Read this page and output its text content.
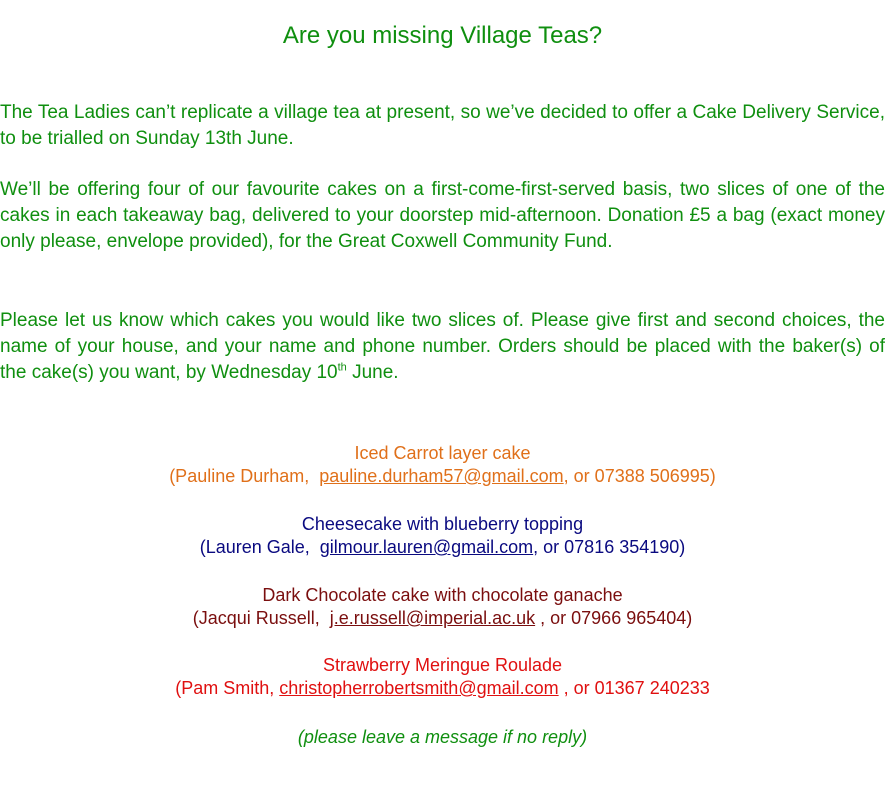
Are you missing Village Teas?
The Tea Ladies can’t replicate a village tea at present, so we’ve decided to offer a Cake Delivery Service, to be trialled on Sunday 13th June.
We’ll be offering four of our favourite cakes on a first-come-first-served basis, two slices of one of the cakes in each takeaway bag, delivered to your doorstep mid-afternoon. Donation £5 a bag (exact money only please, envelope provided), for the Great Coxwell Community Fund.
Please let us know which cakes you would like two slices of. Please give first and second choices, the name of your house, and your name and phone number. Orders should be placed with the baker(s) of the cake(s) you want, by Wednesday 10th June.
Iced Carrot layer cake
(Pauline Durham,  pauline.durham57@gmail.com, or 07388 506995)
Cheesecake with blueberry topping
(Lauren Gale,  gilmour.lauren@gmail.com, or 07816 354190)
Dark Chocolate cake with chocolate ganache
(Jacqui Russell,  j.e.russell@imperial.ac.uk , or 07966 965404)
Strawberry Meringue Roulade
(Pam Smith, christopherrobertsmith@gmail.com , or 01367 240233
(please leave a message if no reply)
